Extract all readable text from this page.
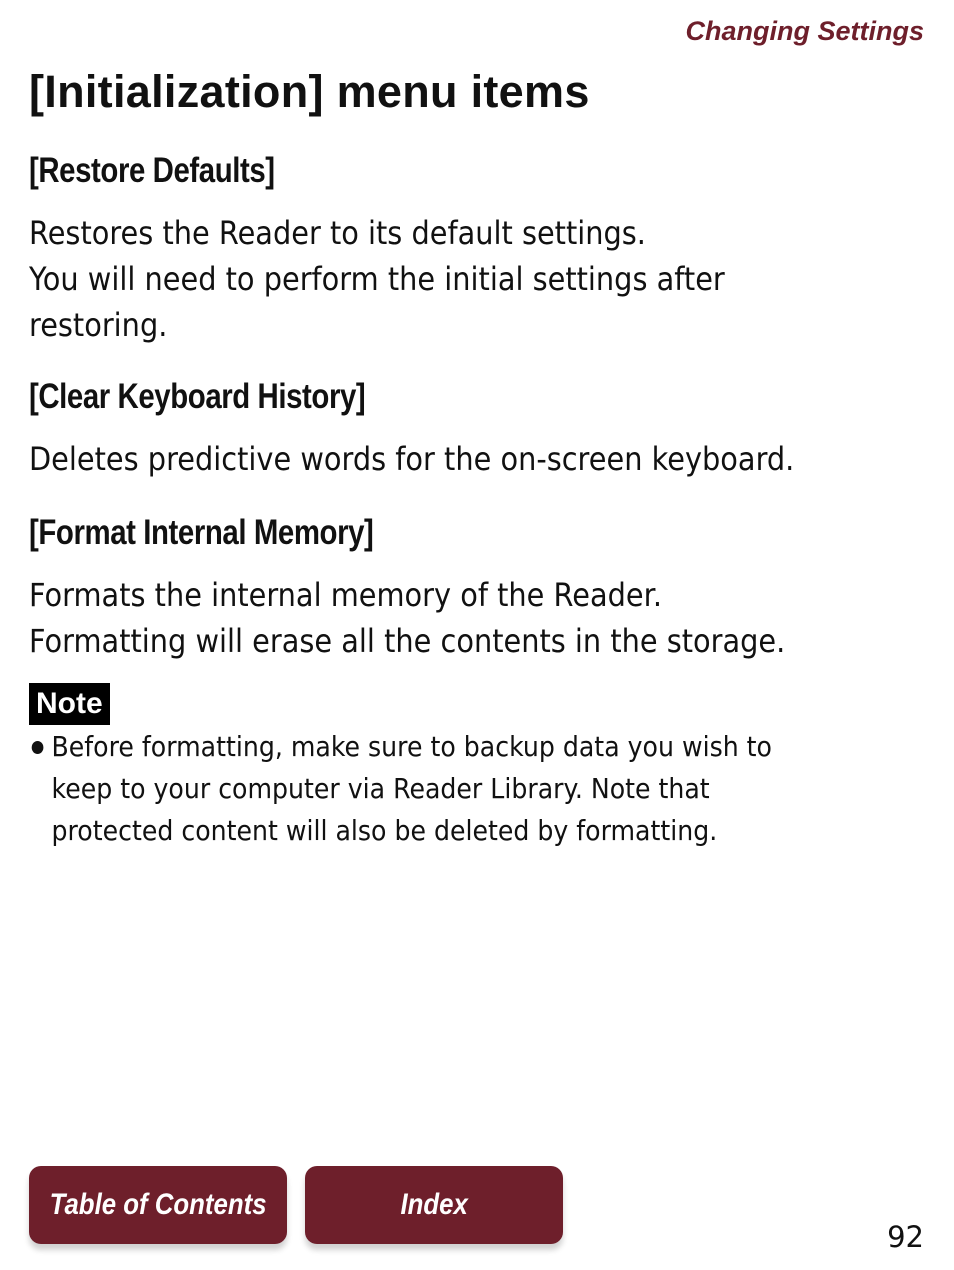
Changing Settings
[Initialization] menu items
[Restore Defaults]
Restores the Reader to its default settings.
You will need to perform the initial settings after
restoring.
[Clear Keyboard History]
Deletes predictive words for the on-screen keyboard.
[Format Internal Memory]
Formats the internal memory of the Reader.
Formatting will erase all the contents in the storage.
Note
Before formatting, make sure to backup data you wish to
keep to your computer via Reader Library. Note that
protected content will also be deleted by formatting.
Table of Contents	Index
92
